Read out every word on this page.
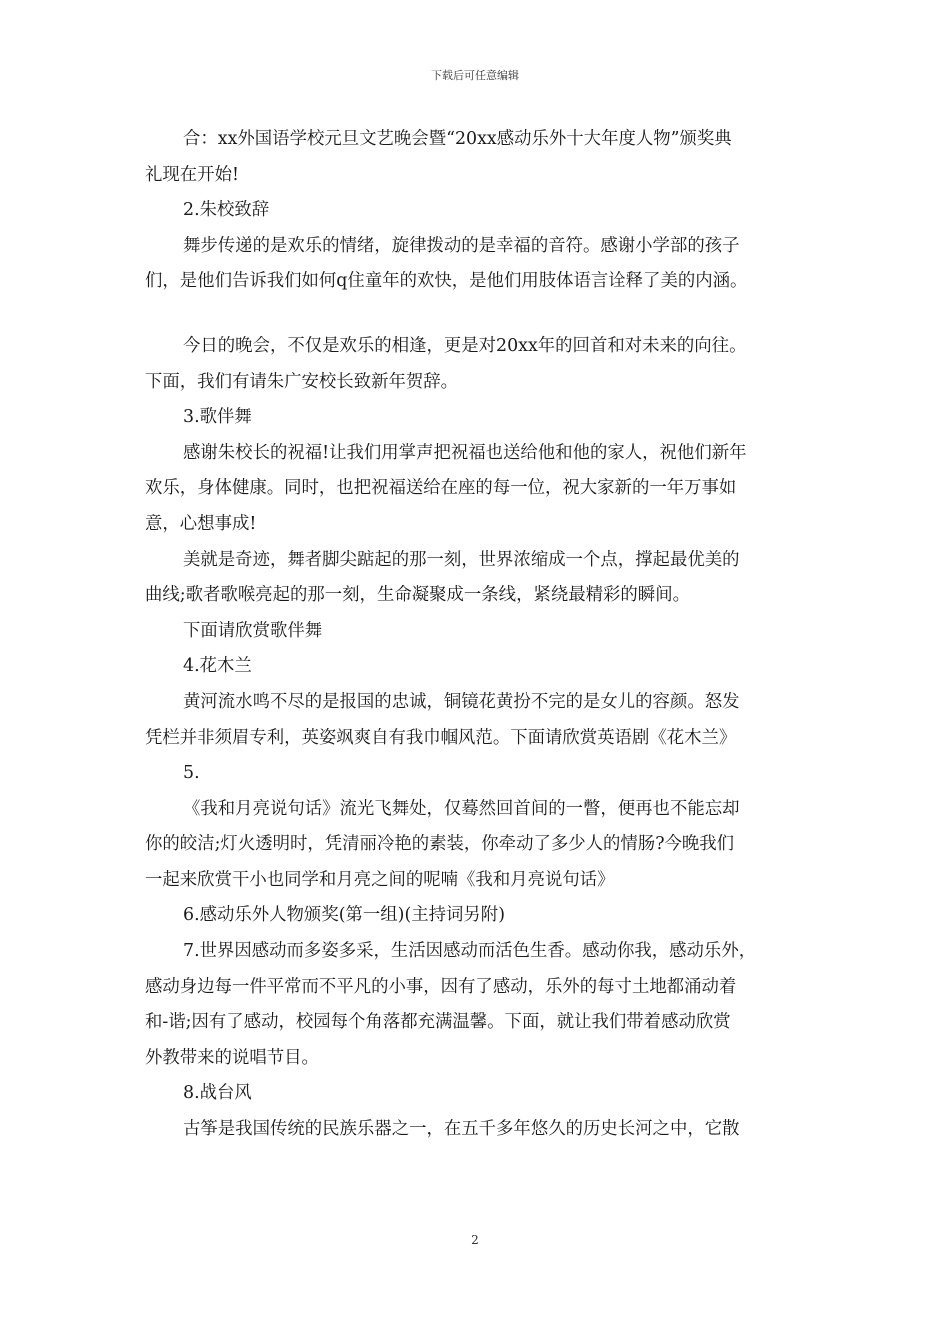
下载后可任意编辑
合：xx外国语学校元旦文艺晚会暨“20xx感动乐外十大年度人物”颁奖典
礼现在开始!
2.朱校致辞
舞步传递的是欢乐的情绪，旋律拨动的是幸福的音符。感谢小学部的孩子
们，是他们告诉我们如何q住童年的欢快，是他们用肢体语言诠释了美的内涵。
今日的晚会，不仅是欢乐的相逢，更是对20xx年的回首和对未来的向往。
下面，我们有请朱广安校长致新年贺辞。
3.歌伴舞
感谢朱校长的祝福!让我们用掌声把祝福也送给他和他的家人，祝他们新年
欢乐，身体健康。同时，也把祝福送给在座的每一位，祝大家新的一年万事如
意，心想事成!
美就是奇迹，舞者脚尖踮起的那一刻，世界浓缩成一个点，撑起最优美的
曲线;歌者歌喉亮起的那一刻，生命凝聚成一条线，紧绕最精彩的瞬间。
下面请欣赏歌伴舞
4.花木兰
黄河流水鸣不尽的是报国的忠诚，铜镜花黄扮不完的是女儿的容颜。怒发
凭栏并非须眉专利，英姿飒爽自有我巾帼风范。下面请欣赏英语剧《花木兰》
5.
《我和月亮说句话》流光飞舞处，仅蓦然回首间的一瞥，便再也不能忘却
你的皎洁;灯火透明时，凭清丽冷艳的素装，你牵动了多少人的情肠?今晚我们
一起来欣赏干小也同学和月亮之间的呢喃《我和月亮说句话》
6.感动乐外人物颁奖(第一组)(主持词另附)
7.世界因感动而多姿多采，生活因感动而活色生香。感动你我，感动乐外，
感动身边每一件平常而不平凡的小事，因有了感动，乐外的每寸土地都涌动着
和-谐;因有了感动，校园每个角落都充满温馨。下面，就让我们带着感动欣赏
外教带来的说唱节目。
8.战台风
古筝是我国传统的民族乐器之一，在五千多年悠久的历史长河之中，它散
2
